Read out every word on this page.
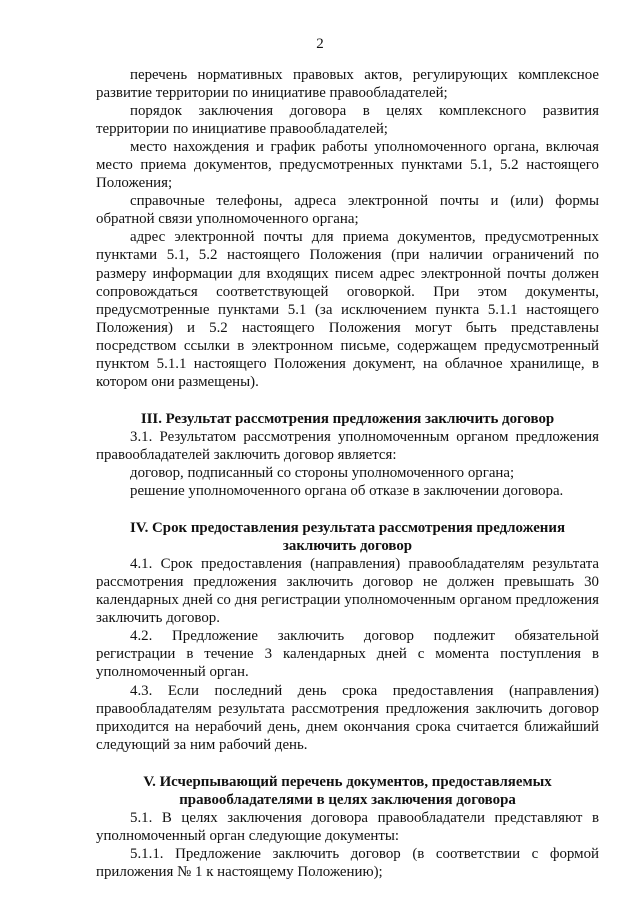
2

перечень нормативных правовых актов, регулирующих комплексное развитие территории по инициативе правообладателей;

порядок заключения договора в целях комплексного развития территории по инициативе правообладателей;

место нахождения и график работы уполномоченного органа, включая место приема документов, предусмотренных пунктами 5.1, 5.2 настоящего Положения;

справочные телефоны, адреса электронной почты и (или) формы обратной связи уполномоченного органа;

адрес электронной почты для приема документов, предусмотренных пунктами 5.1, 5.2 настоящего Положения (при наличии ограничений по размеру информации для входящих писем адрес электронной почты должен сопровождаться соответствующей оговоркой. При этом документы, предусмотренные пунктами 5.1 (за исключением пункта 5.1.1 настоящего Положения) и 5.2 настоящего Положения могут быть представлены посредством ссылки в электронном письме, содержащем предусмотренный пунктом 5.1.1 настоящего Положения документ, на облачное хранилище, в котором они размещены).

III. Результат рассмотрения предложения заключить договор

3.1. Результатом рассмотрения уполномоченным органом предложения правообладателей заключить договор является:

договор, подписанный со стороны уполномоченного органа;

решение уполномоченного органа об отказе в заключении договора.

IV. Срок предоставления результата рассмотрения предложения
заключить договор

4.1. Срок предоставления (направления) правообладателям результата рассмотрения предложения заключить договор не должен превышать 30 календарных дней со дня регистрации уполномоченным органом предложения заключить договор.

4.2. Предложение заключить договор подлежит обязательной регистрации в течение 3 календарных дней с момента поступления в уполномоченный орган.

4.3. Если последний день срока предоставления (направления) правообладателям результата рассмотрения предложения заключить договор приходится на нерабочий день, днем окончания срока считается ближайший следующий за ним рабочий день.

V. Исчерпывающий перечень документов, предоставляемых
правообладателями в целях заключения договора

5.1. В целях заключения договора правообладатели представляют в уполномоченный орган следующие документы:

5.1.1. Предложение заключить договор (в соответствии с формой приложения № 1 к настоящему Положению);
